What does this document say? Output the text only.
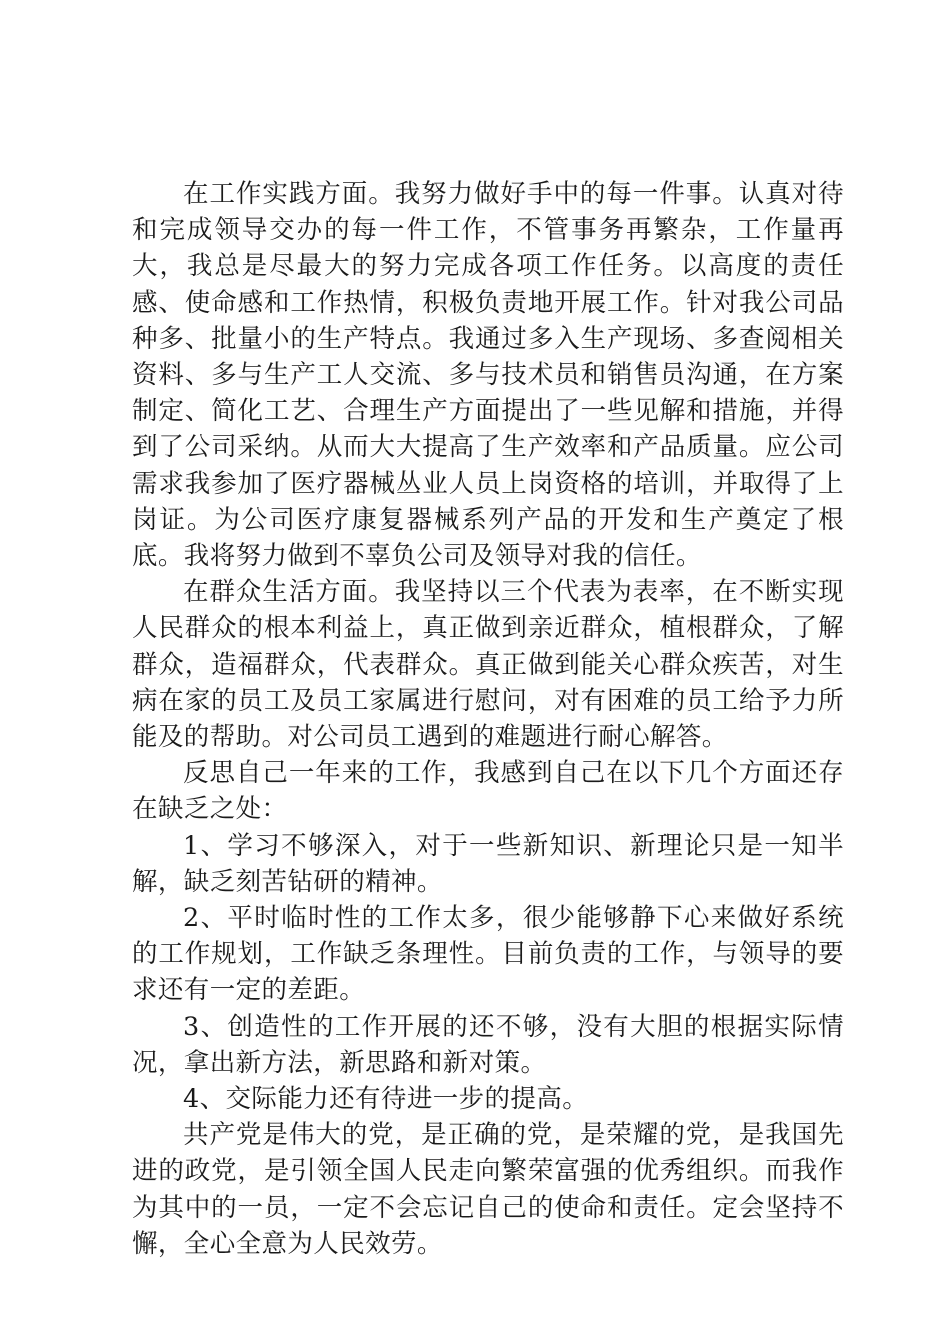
在工作实践方面。我努力做好手中的每一件事。认真对待和完成领导交办的每一件工作，不管事务再繁杂，工作量再大，我总是尽最大的努力完成各项工作任务。以高度的责任感、使命感和工作热情，积极负责地开展工作。针对我公司品种多、批量小的生产特点。我通过多入生产现场、多查阅相关资料、多与生产工人交流、多与技术员和销售员沟通，在方案制定、简化工艺、合理生产方面提出了一些见解和措施，并得到了公司采纳。从而大大提高了生产效率和产品质量。应公司需求我参加了医疗器械丛业人员上岗资格的培训，并取得了上岗证。为公司医疗康复器械系列产品的开发和生产奠定了根底。我将努力做到不辜负公司及领导对我的信任。

在群众生活方面。我坚持以三个代表为表率，在不断实现人民群众的根本利益上，真正做到亲近群众，植根群众，了解群众，造福群众，代表群众。真正做到能关心群众疾苦，对生病在家的员工及员工家属进行慰问，对有困难的员工给予力所能及的帮助。对公司员工遇到的难题进行耐心解答。

反思自己一年来的工作，我感到自己在以下几个方面还存在缺乏之处：

1、学习不够深入，对于一些新知识、新理论只是一知半解，缺乏刻苦钻研的精神。

2、平时临时性的工作太多，很少能够静下心来做好系统的工作规划，工作缺乏条理性。目前负责的工作，与领导的要求还有一定的差距。

3、创造性的工作开展的还不够，没有大胆的根据实际情况，拿出新方法，新思路和新对策。

4、交际能力还有待进一步的提高。

共产党是伟大的党，是正确的党，是荣耀的党，是我国先进的政党，是引领全国人民走向繁荣富强的优秀组织。而我作为其中的一员，一定不会忘记自己的使命和责任。定会坚持不懈，全心全意为人民效劳。
